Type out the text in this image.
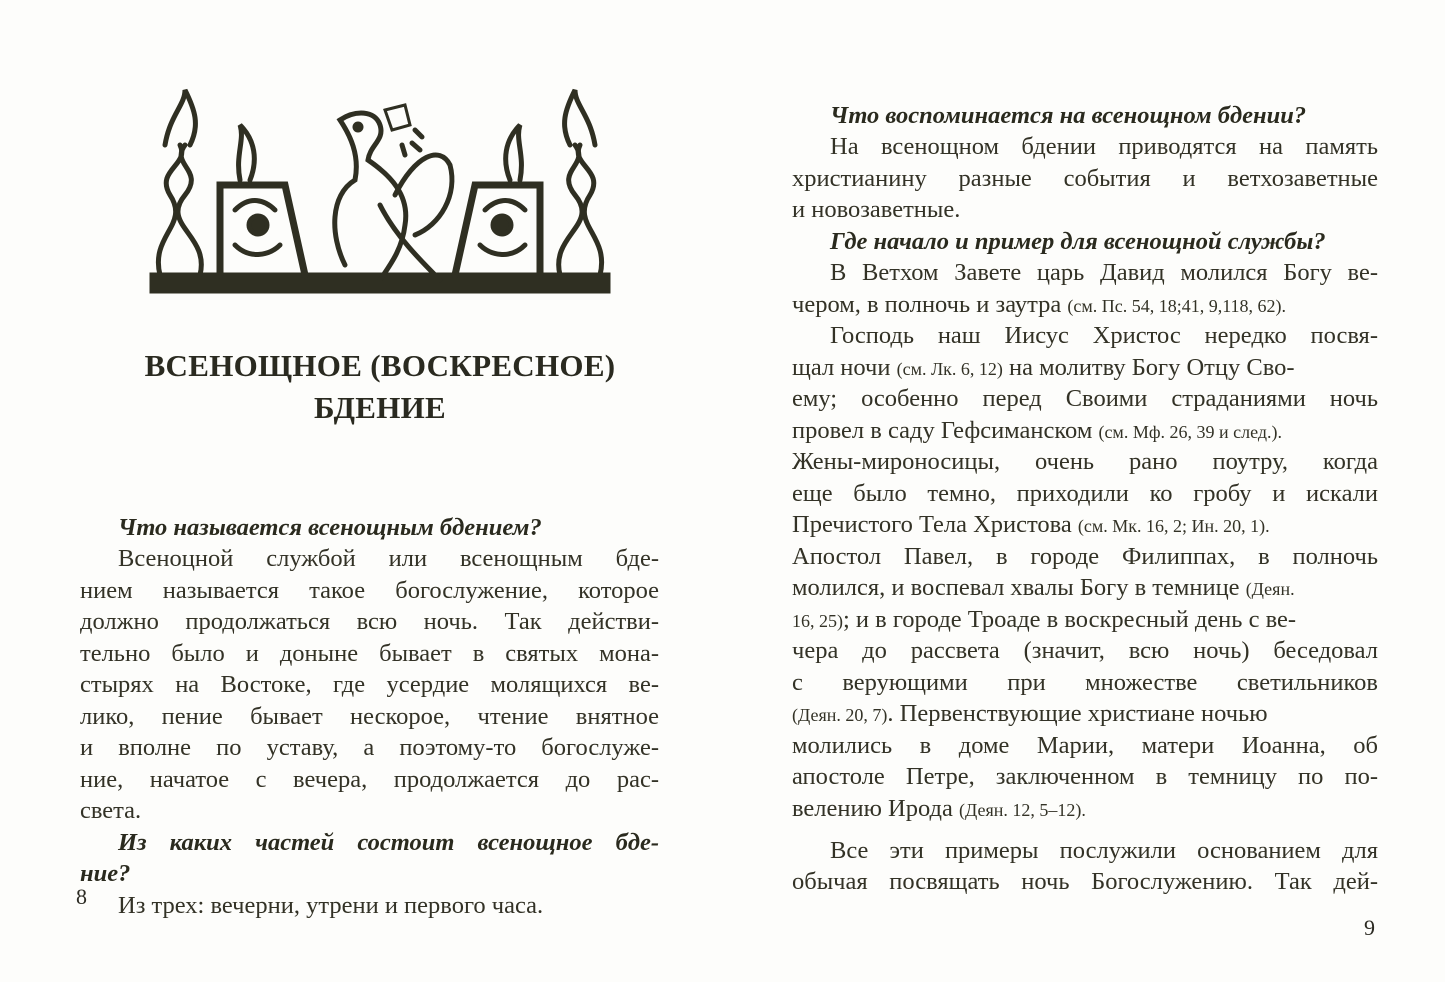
ВСЕНОЩНОЕ (ВОСКРЕСНОЕ)
БДЕНИЕ
Что называется всенощным бдением?
Всеноцной службой или всенощным бде-
нием называется такое богослужение, которое
должно продолжаться всю ночь. Так действи-
тельно было и доныне бывает в святых мона-
стырях на Востоке, где усердие молящихся ве-
лико, пение бывает нескорое, чтение внятное
и вполне по уставу, а поэтому-то богослуже-
ние, начатое с вечера, продолжается до рас-
света.
Из каких частей состоит всенощное бде-
ние?
Из трех: вечерни, утрени и первого часа.
8
Что воспоминается на всенощном бдении?
На всенощном бдении приводятся на память
христианину разные события и ветхозаветные
и новозаветные.
Где начало и пример для всенощной службы?
В Ветхом Завете царь Давид молился Богу ве-
чером, в полночь и заутра (см. Пс. 54, 18;41, 9,118, 62).
Господь наш Иисус Христос нередко посвя-
щал ночи (см. Лк. 6, 12) на молитву Богу Отцу Сво-
ему; особенно перед Своими страданиями ночь
провел в саду Гефсиманском (см. Мф. 26, 39 и след.).
Жены-мироносицы, очень рано поутру, когда
еще было темно, приходили ко гробу и искали
Пречистого Тела Христова (см. Мк. 16, 2; Ин. 20, 1).
Апостол Павел, в городе Филиппах, в полночь
молился, и воспевал хвалы Богу в темнице (Деян.
16, 25); и в городе Троаде в воскресный день с ве-
чера до рассвета (значит, всю ночь) беседовал
с верующими при множестве светильников
(Деян. 20, 7). Первенствующие христиане ночью
молились в доме Марии, матери Иоанна, об
апостоле Петре, заключенном в темницу по по-
велению Ирода (Деян. 12, 5–12).
Все эти примеры послужили основанием для
обычая посвящать ночь Богослужению. Так дей-
9
